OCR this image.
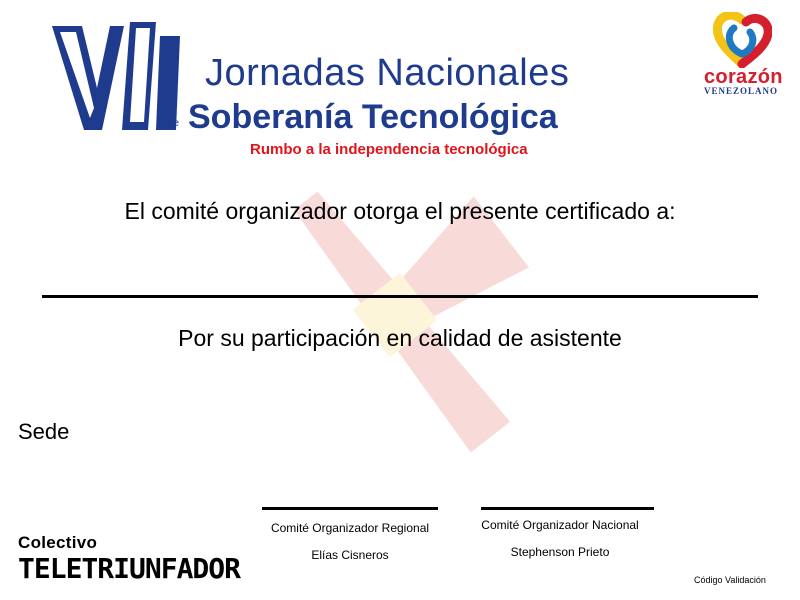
Jornadas Nacionales
de Soberanía Tecnológica
Rumbo a la independencia tecnológica
corazón
VENEZOLANO
El comité organizador otorga el presente certificado a:
Por su participación en calidad de asistente
Sede
Comité Organizador Regional
Elías Cisneros
Comité Organizador Nacional
Stephenson Prieto
Colectivo
TELETRIUNFADOR	Código Validación
